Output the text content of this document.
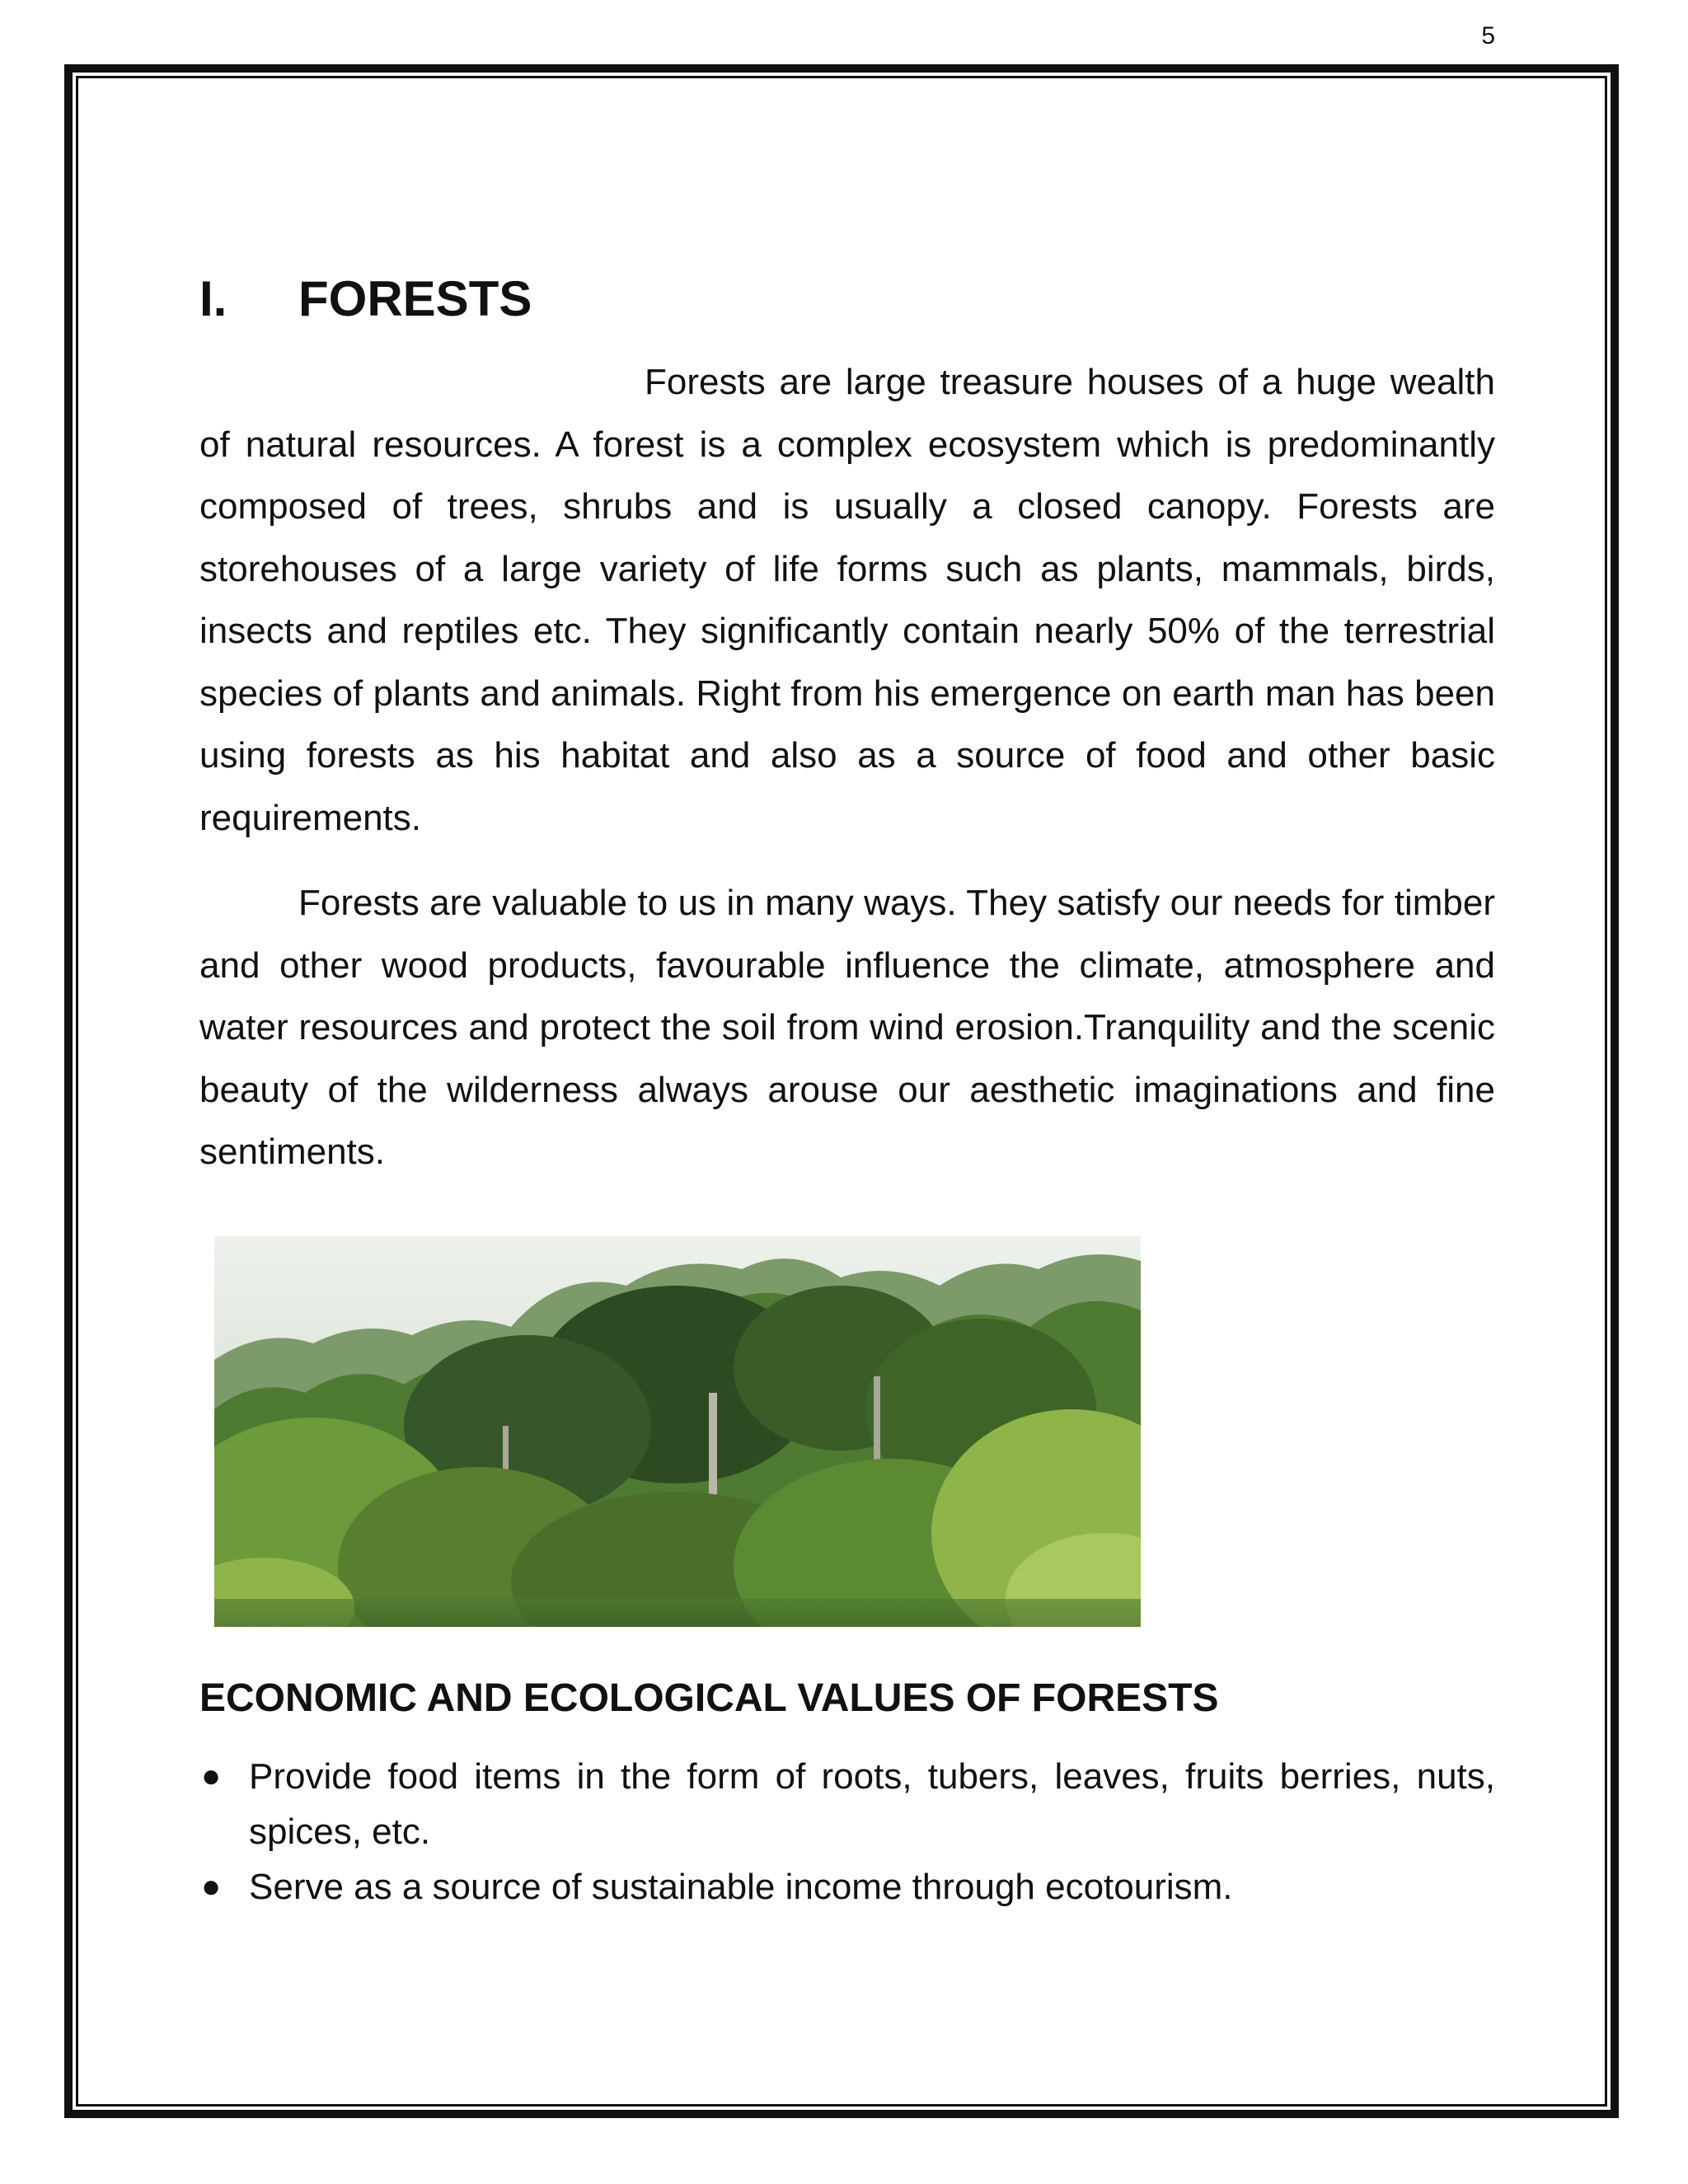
5
I.	FORESTS

Forests are large treasure houses of a huge wealth of natural resources. A forest is a complex ecosystem which is predominantly composed of trees, shrubs and is usually a closed canopy. Forests are storehouses of a large variety of life forms such as plants, mammals, birds, insects and reptiles etc. They significantly contain nearly 50% of the terrestrial species of plants and animals. Right from his emergence on earth man has been using forests as his habitat and also as a source of food and other basic requirements.

Forests are valuable to us in many ways. They satisfy our needs for timber and other wood products, favourable influence the climate, atmosphere and water resources and protect the soil from wind erosion.Tranquility and the scenic beauty of the wilderness always arouse our aesthetic imaginations and fine sentiments.

ECONOMIC AND ECOLOGICAL VALUES OF FORESTS
● Provide food items in the form of roots, tubers, leaves, fruits berries, nuts, spices, etc.
● Serve as a source of sustainable income through ecotourism.
